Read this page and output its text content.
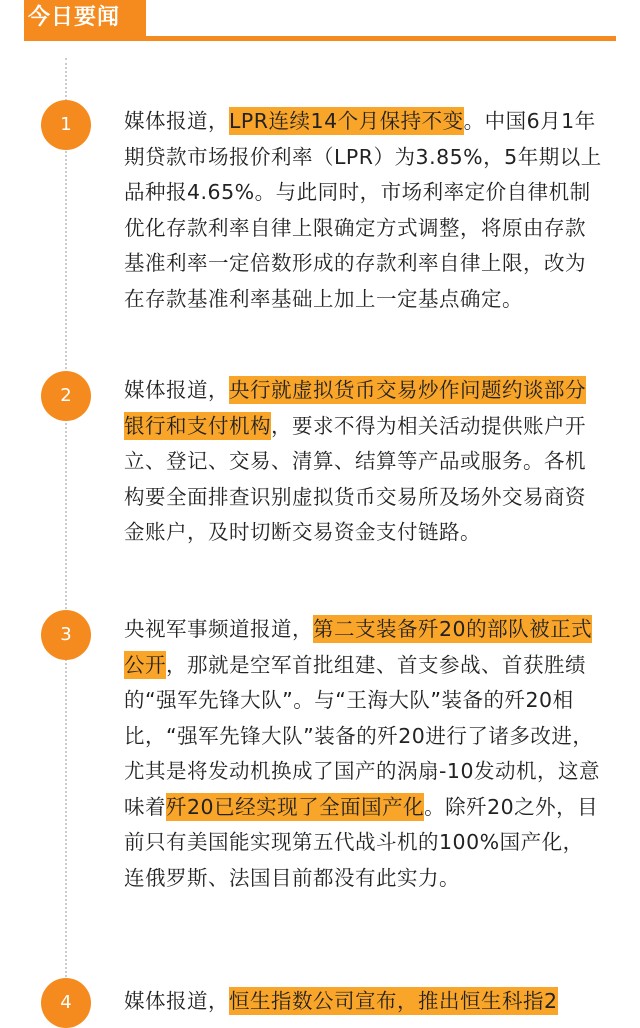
今日要闻
1	媒体报道，LPR连续14个月保持不变。中国6月1年期贷款市场报价利率（LPR）为3.85%，5年期以上品种报4.65%。与此同时，市场利率定价自律机制优化存款利率自律上限确定方式调整，将原由存款基准利率一定倍数形成的存款利率自律上限，改为在存款基准利率基础上加上一定基点确定。
2	媒体报道，央行就虚拟货币交易炒作问题约谈部分银行和支付机构，要求不得为相关活动提供账户开立、登记、交易、清算、结算等产品或服务。各机构要全面排查识别虚拟货币交易所及场外交易商资金账户，及时切断交易资金支付链路。
3	央视军事频道报道，第二支装备歼20的部队被正式公开，那就是空军首批组建、首支参战、首获胜绩的“强军先锋大队”。与“王海大队”装备的歼20相比，“强军先锋大队”装备的歼20进行了诸多改进，尤其是将发动机换成了国产的涡扇-10发动机，这意味着歼20已经实现了全面国产化。除歼20之外，目前只有美国能实现第五代战斗机的100%国产化，连俄罗斯、法国目前都没有此实力。
4	媒体报道，恒生指数公司宣布，推出恒生科指2
